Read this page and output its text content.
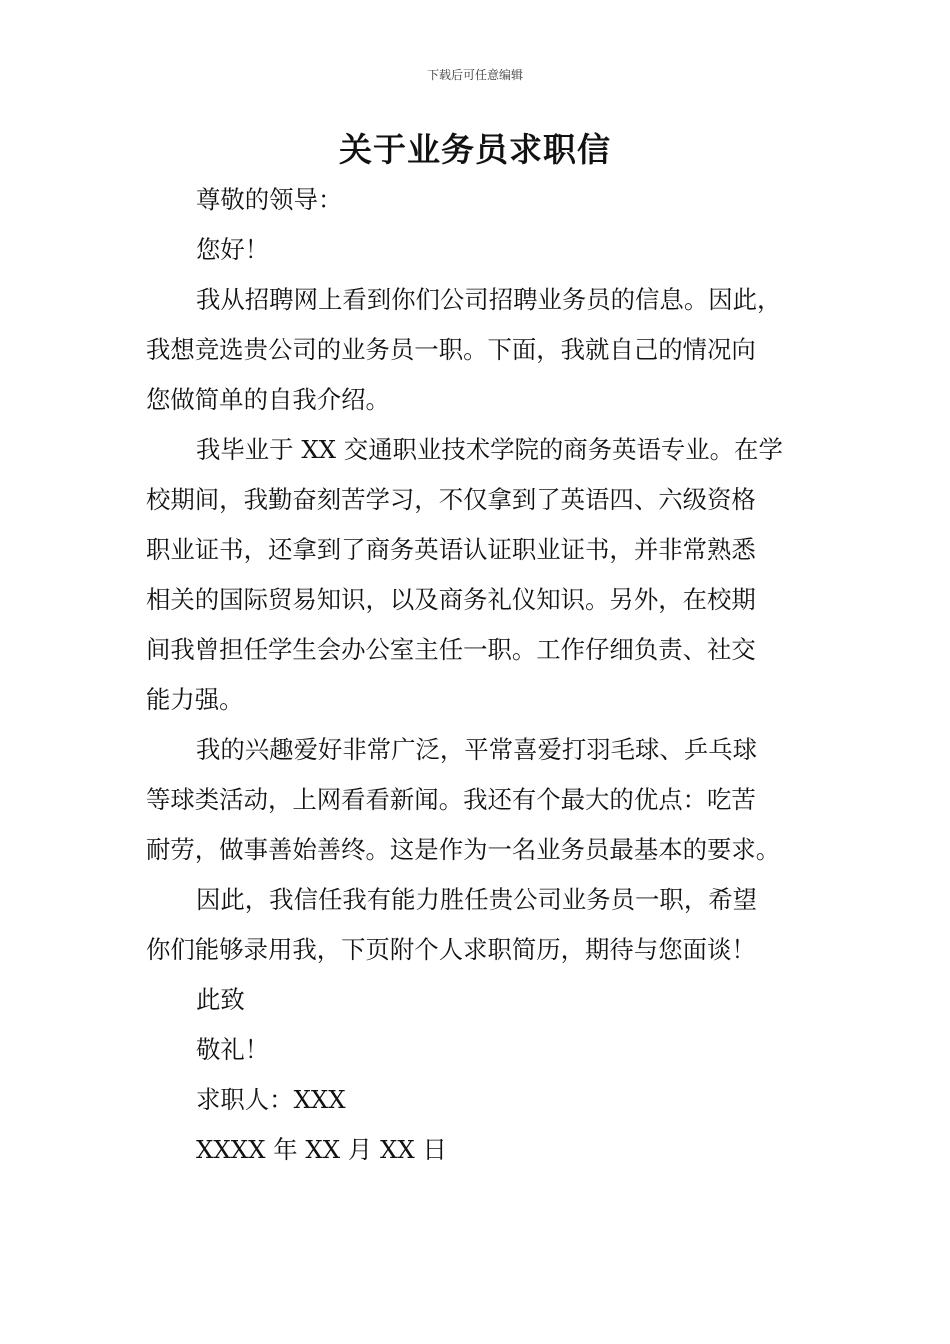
下载后可任意编辑
关于业务员求职信
尊敬的领导：
您好！
我从招聘网上看到你们公司招聘业务员的信息。因此，
我想竞选贵公司的业务员一职。下面，我就自己的情况向
您做简单的自我介绍。
我毕业于 XX 交通职业技术学院的商务英语专业。在学
校期间，我勤奋刻苦学习，不仅拿到了英语四、六级资格
职业证书，还拿到了商务英语认证职业证书，并非常熟悉
相关的国际贸易知识，以及商务礼仪知识。另外，在校期
间我曾担任学生会办公室主任一职。工作仔细负责、社交
能力强。
我的兴趣爱好非常广泛，平常喜爱打羽毛球、乒乓球
等球类活动，上网看看新闻。我还有个最大的优点：吃苦
耐劳，做事善始善终。这是作为一名业务员最基本的要求。
因此，我信任我有能力胜任贵公司业务员一职，希望
你们能够录用我，下页附个人求职简历，期待与您面谈！
此致
敬礼！
求职人：XXX
XXXX 年 XX 月 XX 日
